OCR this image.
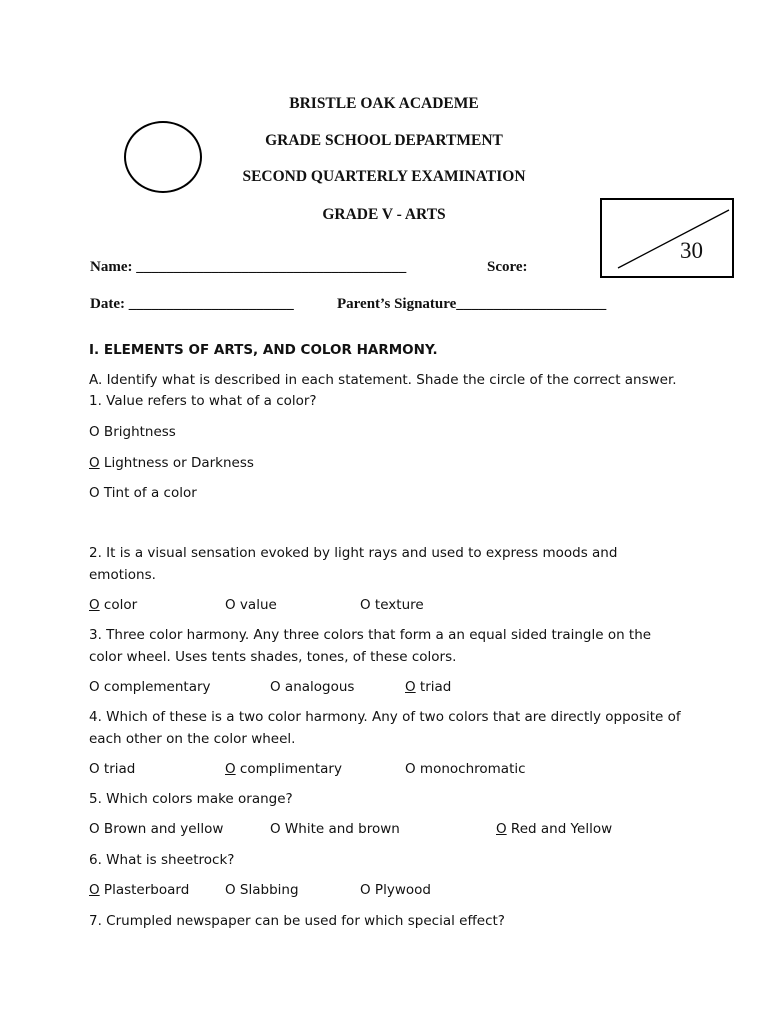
BRISTLE OAK ACADEME
GRADE SCHOOL DEPARTMENT
SECOND QUARTERLY EXAMINATION
GRADE V - ARTS
30
Name: ____________________________________	Score:
Date: ______________________	Parent’s Signature____________________
I. ELEMENTS OF ARTS, AND COLOR HARMONY.
A. Identify what is described in each statement. Shade the circle of the correct answer.
1. Value refers to what of a color?
O Brightness
O Lightness or Darkness
O Tint of a color
2. It is a visual sensation evoked by light rays and used to express moods and
emotions.
O color	O value	O texture
3. Three color harmony. Any three colors that form a an equal sided traingle on the
color wheel. Uses tents shades, tones, of these colors.
O complementary	O analogous	O triad
4. Which of these is a two color harmony. Any of two colors that are directly opposite of
each other on the color wheel.
O triad	O complimentary	O monochromatic
5. Which colors make orange?
O Brown and yellow	O White and brown	O Red and Yellow
6. What is sheetrock?
O Plasterboard	O Slabbing	O Plywood
7. Crumpled newspaper can be used for which special effect?
